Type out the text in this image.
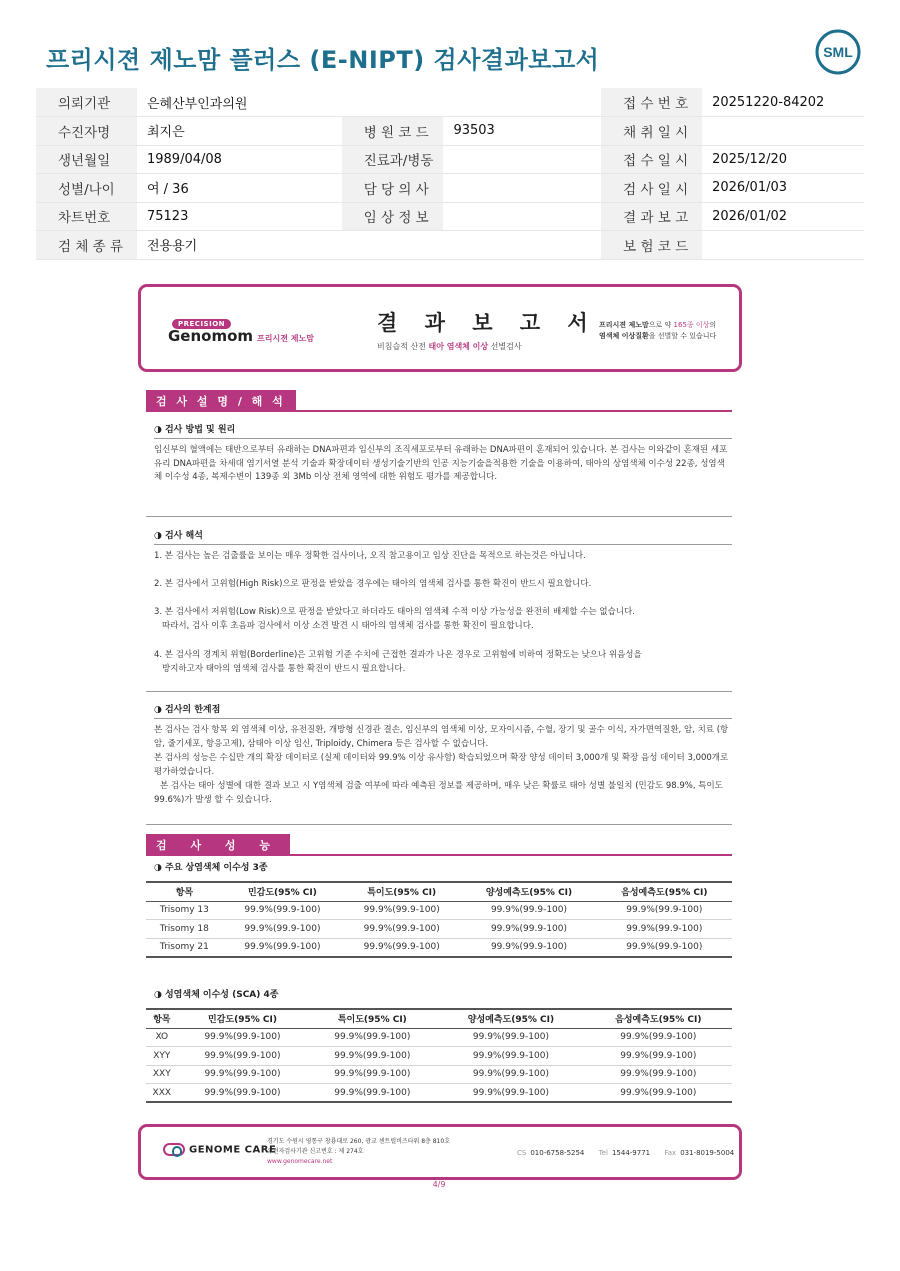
프리시젼 제노맘 플러스 (E-NIPT) 검사결과보고서	SML
의뢰기관	은혜산부인과의원			접 수 번 호	20251220-84202
수진자명	최지은	병 원 코 드	93503	채 취 일 시	
생년월일	1989/04/08	진료과/병동		접 수 일 시	2025/12/20
성별/나이	여 / 36	담 당 의 사		검 사 일 시	2026/01/03
차트번호	75123	임 상 정 보		결 과 보 고	2026/01/02
검 체 종 류	전용용기			보 험 코 드	
PRECISION
Genomom 프리시젼 제노맘
결 과 보 고 서
비침습적 산전 태아 염색체 이상 선별검사
프리시젼 제노맘으로 약 165종 이상의
염색체 이상질환을 선별할 수 있습니다
검 사 설 명 / 해 석
◑ 검사 방법 및 원리
임신부의 혈액에는 태반으로부터 유래하는 DNA파편과 임신부의 조직세포로부터 유래하는 DNA파편이 혼재되어 있습니다. 본 검사는 이와같이 혼재된 세포유리 DNA파편을 차세대 염기서열 분석 기술과 확장데이터 생성기술기반의 인공 지능기술을적용한 기술을 이용하여, 태아의 상염색체 이수성 22종, 성염색체 이수성 4종, 복제수변이 139종 외 3Mb 이상 전체 영역에 대한 위험도 평가를 제공합니다.
◑ 검사 해석
1. 본 검사는 높은 검출률을 보이는 매우 정확한 검사이나, 오직 참고용이고 임상 진단을 목적으로 하는것은 아닙니다.
2. 본 검사에서 고위험(High Risk)으로 판정을 받았을 경우에는 태아의 염색체 검사를 통한 확진이 반드시 필요합니다.
3. 본 검사에서 저위험(Low Risk)으로 판정을 받았다고 하더라도 태아의 염색체 수적 이상 가능성을 완전히 배제할 수는 없습니다.
따라서, 검사 이후 초음파 검사에서 이상 소견 발견 시 태아의 염색체 검사를 통한 확진이 필요합니다.
4. 본 검사의 경계치 위험(Borderline)은 고위험 기준 수치에 근접한 결과가 나온 경우로 고위험에 비하여 정확도는 낮으나 위음성을
방지하고자 태아의 염색체 검사를 통한 확진이 반드시 필요합니다.
◑ 검사의 한계점
본 검사는 검사 항목 외 염색체 이상, 유전질환, 개방형 신경관 결손, 임신부의 염색체 이상, 모자이시즘, 수혈, 장기 및 골수 이식, 자가면역질환, 암, 치료 (항암, 줄기세포, 항응고제), 삼태아 이상 임신, Triploidy, Chimera 등은 검사할 수 없습니다.
본 검사의 성능은 수십만 개의 확장 데이터로 (실제 데이터와 99.9% 이상 유사함) 학습되었으며 확장 양성 데이터 3,000개 및 확장 음성 데이터 3,000개로 평가하였습니다.
본 검사는 태아 성별에 대한 결과 보고 시 Y염색체 검출 여부에 따라 예측된 정보를 제공하며, 매우 낮은 확률로 태아 성별 불일치 (민감도 98.9%, 특이도 99.6%)가 발생 할 수 있습니다.
검 사 성 능
◑ 주요 상염색체 이수성 3종
항목	민감도(95% CI)	특이도(95% CI)	양성예측도(95% CI)	음성예측도(95% CI)
Trisomy 13	99.9%(99.9-100)	99.9%(99.9-100)	99.9%(99.9-100)	99.9%(99.9-100)
Trisomy 18	99.9%(99.9-100)	99.9%(99.9-100)	99.9%(99.9-100)	99.9%(99.9-100)
Trisomy 21	99.9%(99.9-100)	99.9%(99.9-100)	99.9%(99.9-100)	99.9%(99.9-100)
◑ 성염색체 이수성 (SCA) 4종
항목	민감도(95% CI)	특이도(95% CI)	양성예측도(95% CI)	음성예측도(95% CI)
XO	99.9%(99.9-100)	99.9%(99.9-100)	99.9%(99.9-100)	99.9%(99.9-100)
XYY	99.9%(99.9-100)	99.9%(99.9-100)	99.9%(99.9-100)	99.9%(99.9-100)
XXY	99.9%(99.9-100)	99.9%(99.9-100)	99.9%(99.9-100)	99.9%(99.9-100)
XXX	99.9%(99.9-100)	99.9%(99.9-100)	99.9%(99.9-100)	99.9%(99.9-100)
GENOME CARE
경기도 수원시 영통구 창룡대로 260, 광교 센트럴비즈타워 8층 810호
유전자검사기관 신고번호 : 제 274호
www.genomecare.net
CS 010-6758-5254 Tel 1544-9771 Fax 031-8019-5004
4/9
